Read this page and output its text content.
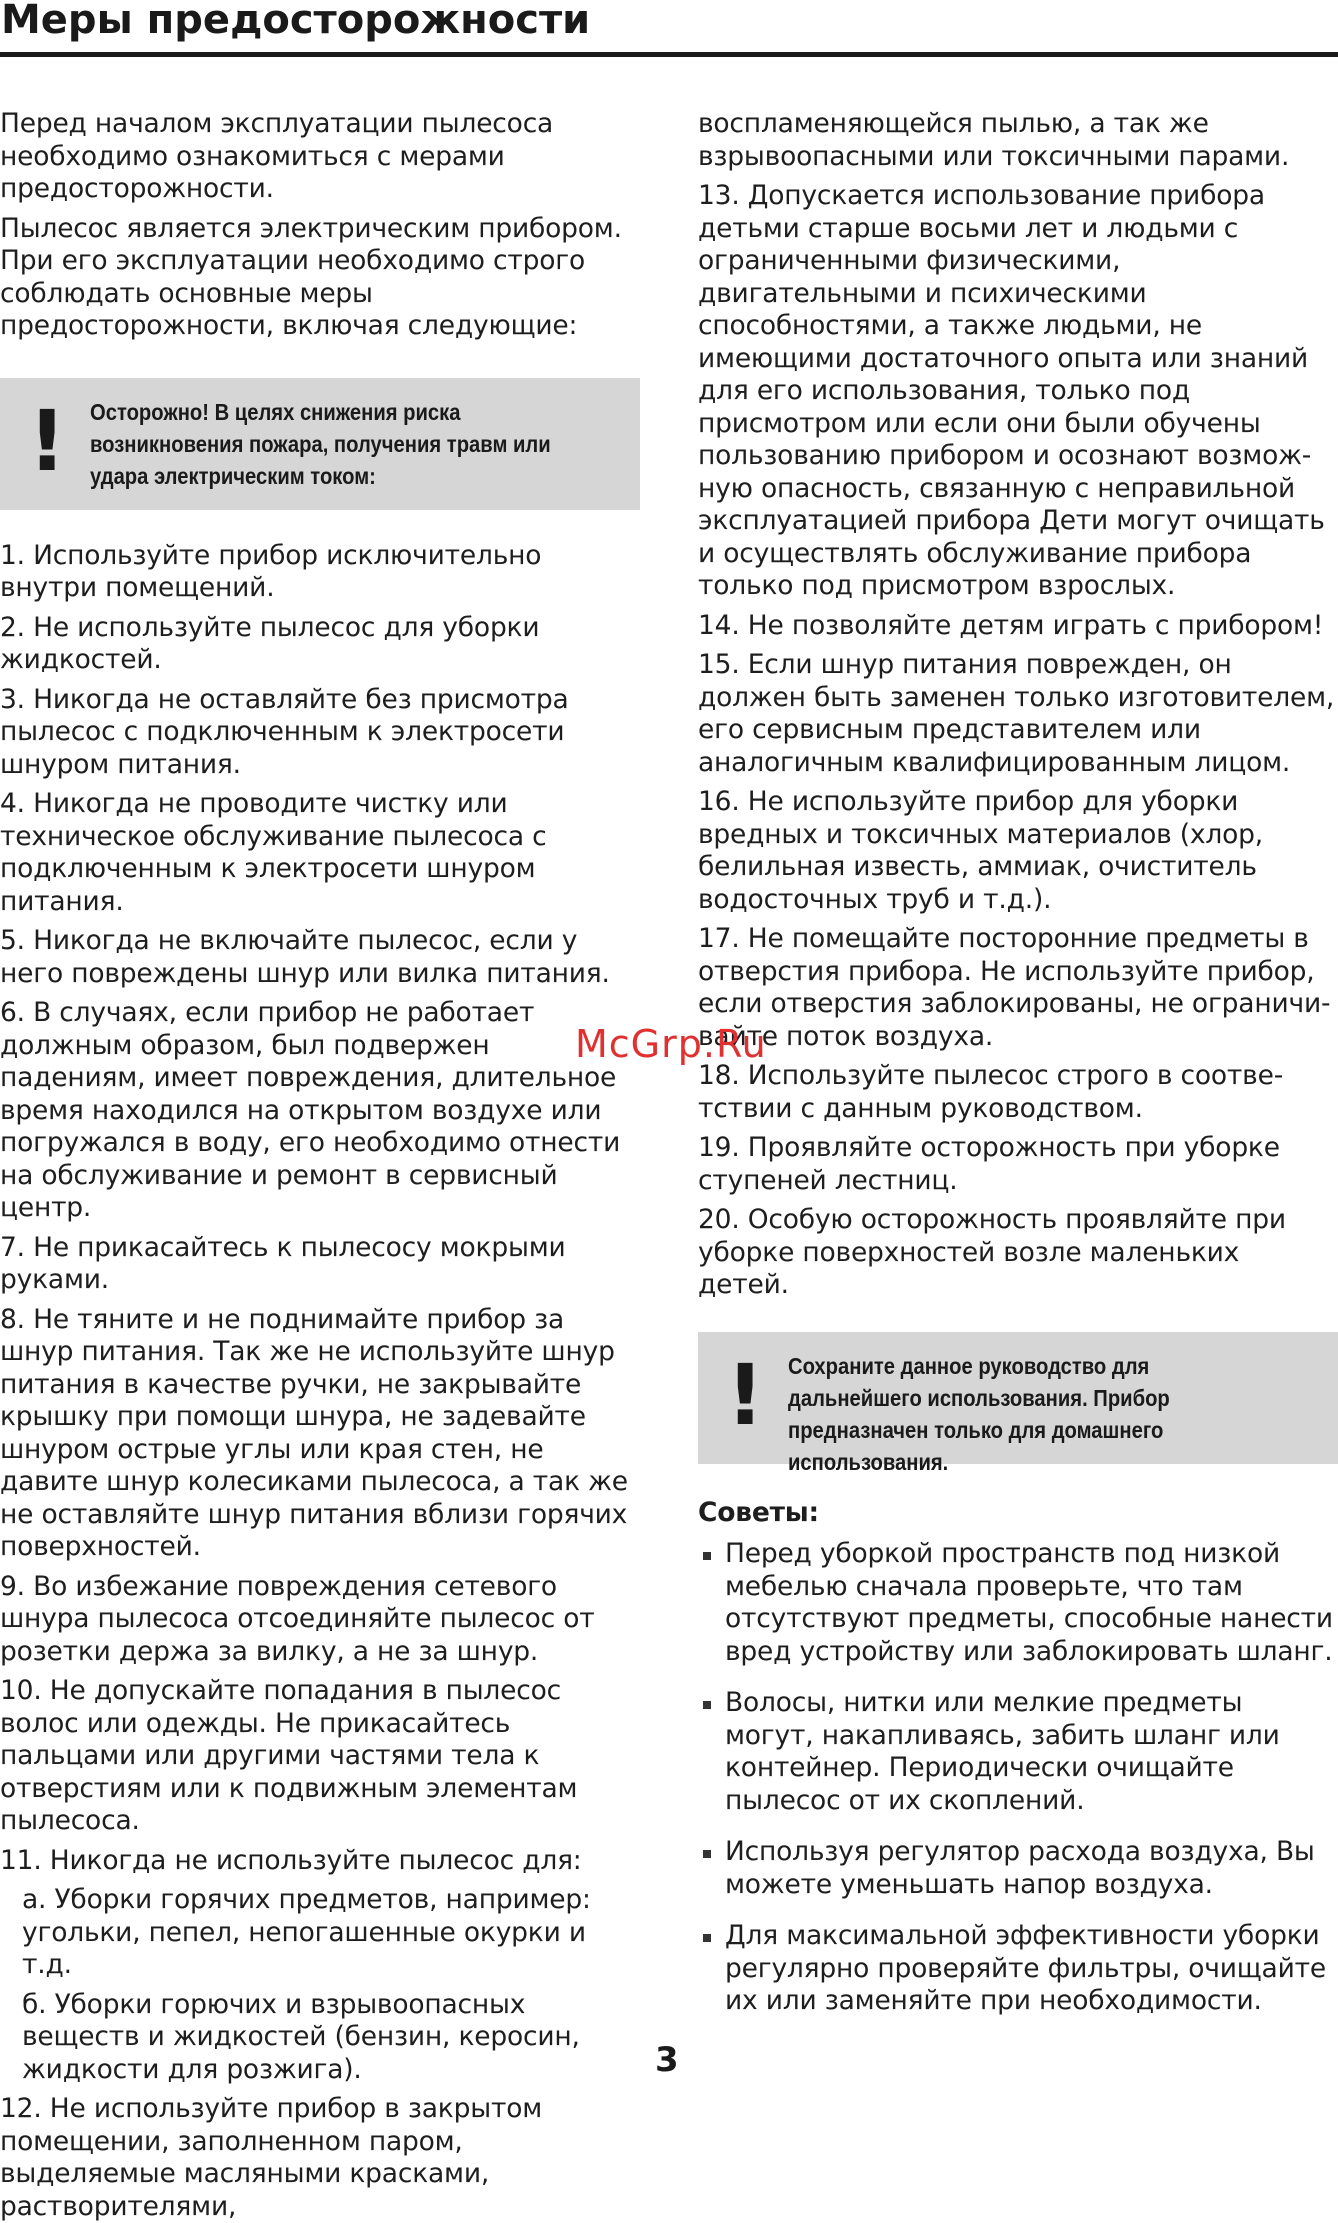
Меры предосторожности

Перед началом эксплуатации пылесоса необходимо ознакомиться с мерами предосторожности.

Пылесос является электрическим прибором. При его эксплуатации необходимо строго соблюдать основные меры предосторожности, включая следующие:

! Осторожно! В целях снижения риска возникновения пожара, получения травм или удара электрическим током:

1. Используйте прибор исключительно внутри помещений.

2. Не используйте пылесос для уборки жидкостей.

3. Никогда не оставляйте без присмотра пылесос с подключенным к электросети шнуром питания.

4. Никогда не проводите чистку или техническое обслуживание пылесоса с подключенным к электросети шнуром питания.

5. Никогда не включайте пылесос, если у него повреждены шнур или вилка питания.

6. В случаях, если прибор не работает должным образом, был подвержен падениям, имеет повреждения, длительное время находился на открытом воздухе или погружался в воду, его необходимо отнести на обслуживание и ремонт в сервисный центр.

7. Не прикасайтесь к пылесосу мокрыми руками.

8. Не тяните и не поднимайте прибор за шнур питания. Так же не используйте шнур питания в качестве ручки, не закрывайте крышку при помощи шнура, не задевайте шнуром острые углы или края стен, не давите шнур колесиками пылесоса, а так же не оставляйте шнур питания вблизи горячих поверхностей.

9. Во избежание повреждения сетевого шнура пылесоса отсоединяйте пылесос от розетки держа за вилку, а не за шнур.

10. Не допускайте попадания в пылесос волос или одежды. Не прикасайтесь пальцами или другими частями тела к отверстиям или к подвижным элементам пылесоса.

11. Никогда не используйте пылесос для:

а. Уборки горячих предметов, например: угольки, пепел, непогашенные окурки и т.д.

б. Уборки горючих и взрывоопасных веществ и жидкостей (бензин, керосин, жидкости для розжига).

12. Не используйте прибор в закрытом помещении, заполненном паром, выделяемые масляными красками, растворителями,

воспламеняющейся пылью, а так же взрывоопасными или токсичными парами.

13. Допускается использование прибора детьми старше восьми лет и людьми с ограниченными физическими, двигательными и психическими способностями, а также людьми, не имеющими достаточного опыта или знаний для его использования, только под присмотром или если они были обучены пользованию прибором и осознают возможную опасность, связанную с неправильной эксплуатацией прибора Дети могут очищать и осуществлять обслуживание прибора только под присмотром взрослых.

14. Не позволяйте детям играть с прибором!

15. Если шнур питания поврежден, он должен быть заменен только изготовителем, его сервисным представителем или аналогичным квалифицированным лицом.

16. Не используйте прибор для уборки вредных и токсичных материалов (хлор, белильная известь, аммиак, очиститель водосточных труб и т.д.).

17. Не помещайте посторонние предметы в отверстия прибора. Не используйте прибор, если отверстия заблокированы, не ограничивайте поток воздуха.

18. Используйте пылесос строго в соответствии с данным руководством.

19. Проявляйте осторожность при уборке ступеней лестниц.

20. Особую осторожность проявляйте при уборке поверхностей возле маленьких детей.

! Сохраните данное руководство для дальнейшего использования. Прибор предназначен только для домашнего использования.

Советы:

Перед уборкой пространств под низкой мебелью сначала проверьте, что там отсутствуют предметы, способные нанести вред устройству или заблокировать шланг.
Волосы, нитки или мелкие предметы могут, накапливаясь, забить шланг или контейнер. Периодически очищайте пылесос от их скоплений.
Используя регулятор расхода воздуха, Вы можете уменьшать напор воздуха.
Для максимальной эффективности уборки регулярно проверяйте фильтры, очищайте их или заменяйте при необходимости.
McGrp.Ru
3
